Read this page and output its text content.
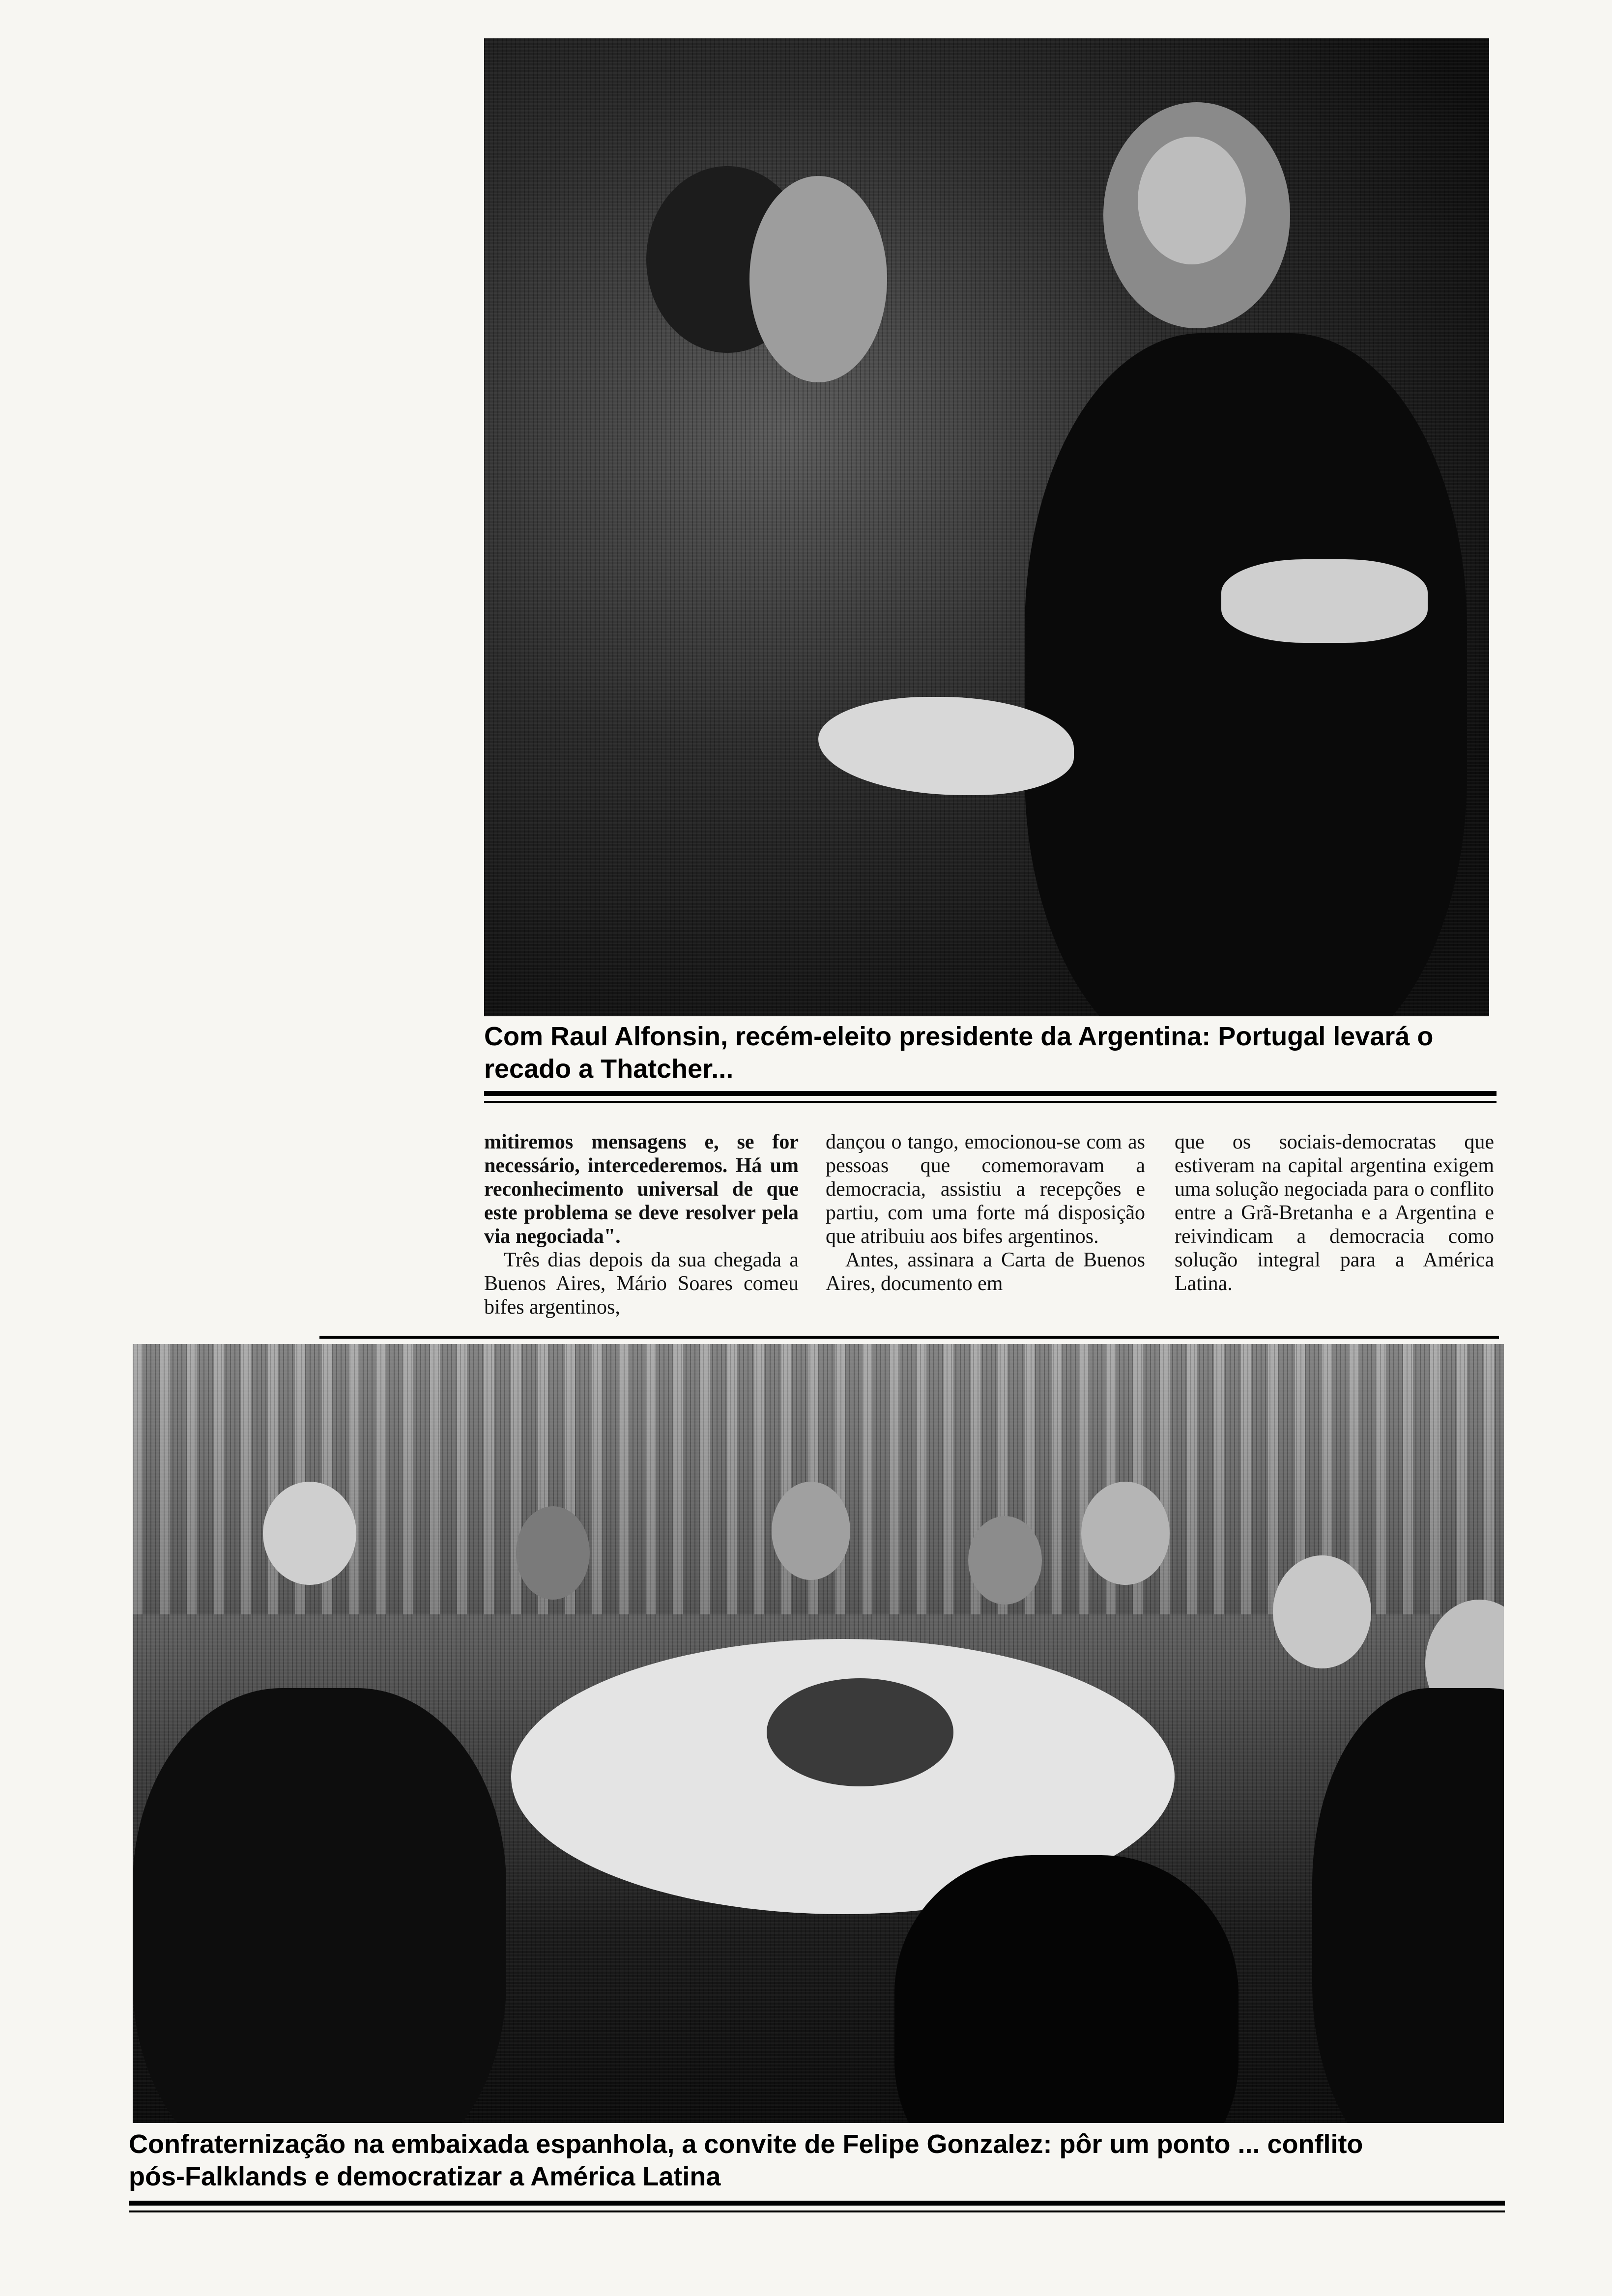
Com Raul Alfonsin, recém-eleito presidente da Argentina: Portugal levará o
recado a Thatcher...

mitiremos mensagens e, se for necessário, intercederemos. Há um reconhecimento universal de que este problema se deve resolver pela via negociada".

Três dias depois da sua chegada a Buenos Aires, Mário Soares comeu bifes argentinos,

dançou o tango, emocionou-se com as pessoas que comemoravam a democracia, assistiu a recepções e partiu, com uma forte má disposição que atribuiu aos bifes argentinos.

Antes, assinara a Carta de Buenos Aires, documento em

que os sociais-democratas que estiveram na capital argentina exigem uma solução negociada para o conflito entre a Grã-Bretanha e a Argentina e reivindicam a democracia como solução integral para a América Latina.

Confraternização na embaixada espanhola, a convite de Felipe Gonzalez: pôr um ponto ... conflito
pós-Falklands e democratizar a América Latina
